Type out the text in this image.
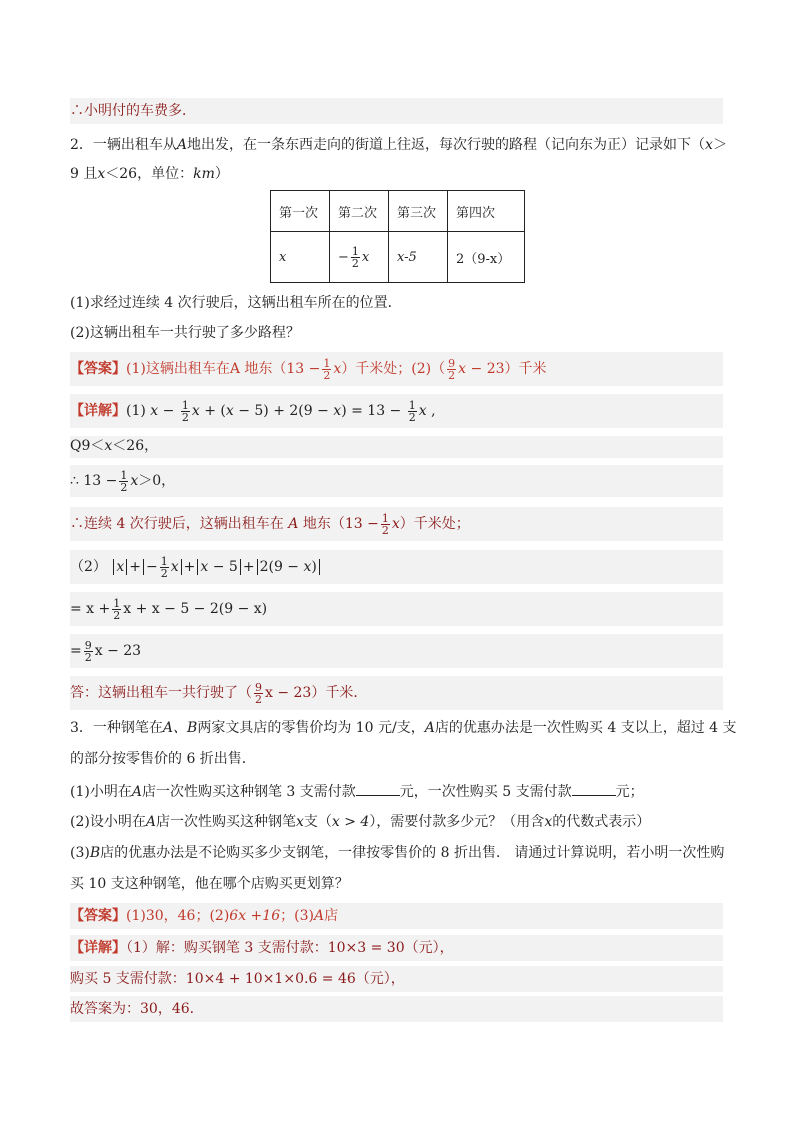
∴小明付的车费多．
2．一辆出租车从A地出发，在一条东西走向的街道上往返，每次行驶的路程（记向东为正）记录如下（x＞
9 且x＜26，单位：km）
第一次	第二次	第三次	第四次
x	− $\frac{1}{2}$ x	x-5	2（9-x）
(1)求经过连续 4 次行驶后，这辆出租车所在的位置．
(2)这辆出租车一共行驶了多少路程？
【答案】(1)这辆出租车在A 地东$(13 - \frac{1}{2} x)$千米处；$(2)( \frac{9}{2}$ x − 23）千米
【详解】(1) $x - \frac{1}{2}$ $x + (x - 5) + 2(9 - x) = 13 - \frac{1}{2}$ x ,
Q9＜x＜26，
∴ $13 - \frac{1}{2} x>0$，
∴连续 4 次行驶后，这辆出租车在 A 地东$(13 - \frac{1}{2} x)$千米处；
（2） x + − $\frac{1}{2}$ x + x − 5 + 2(9 − x)
= $x + \frac{1}{2}$ x + x − 5 − 2(9 − x)
= $\frac{9}{2}$ x − 23
答：这辆出租车一共行驶了（ $\frac{9}{2}$ x − 23）千米．
3．一种钢笔在A、B两家文具店的零售价均为 10 元/支，A店的优惠办法是一次性购买 4 支以上，超过 4 支
的部分按零售价的 6 折出售．
(1)小明在A店一次性购买这种钢笔 3 支需付款	元，一次性购买 5 支需付款	元；
(2)设小明在A店一次性购买这种钢笔x支（x > 4），需要付款多少元？（用含x的代数式表示）
(3)B店的优惠办法是不论购买多少支钢笔，一律按零售价的 8 折出售． 请通过计算说明，若小明一次性购
买 10 支这种钢笔，他在哪个店购买更划算？
【答案】(1)30，46；(2)6x +16；(3)A店
【详解】（1）解：购买钢笔 3 支需付款：10×3 = 30（元），
购买 5 支需付款：10×4 + 10×1×0.6 = 46（元），
故答案为：30，46．
